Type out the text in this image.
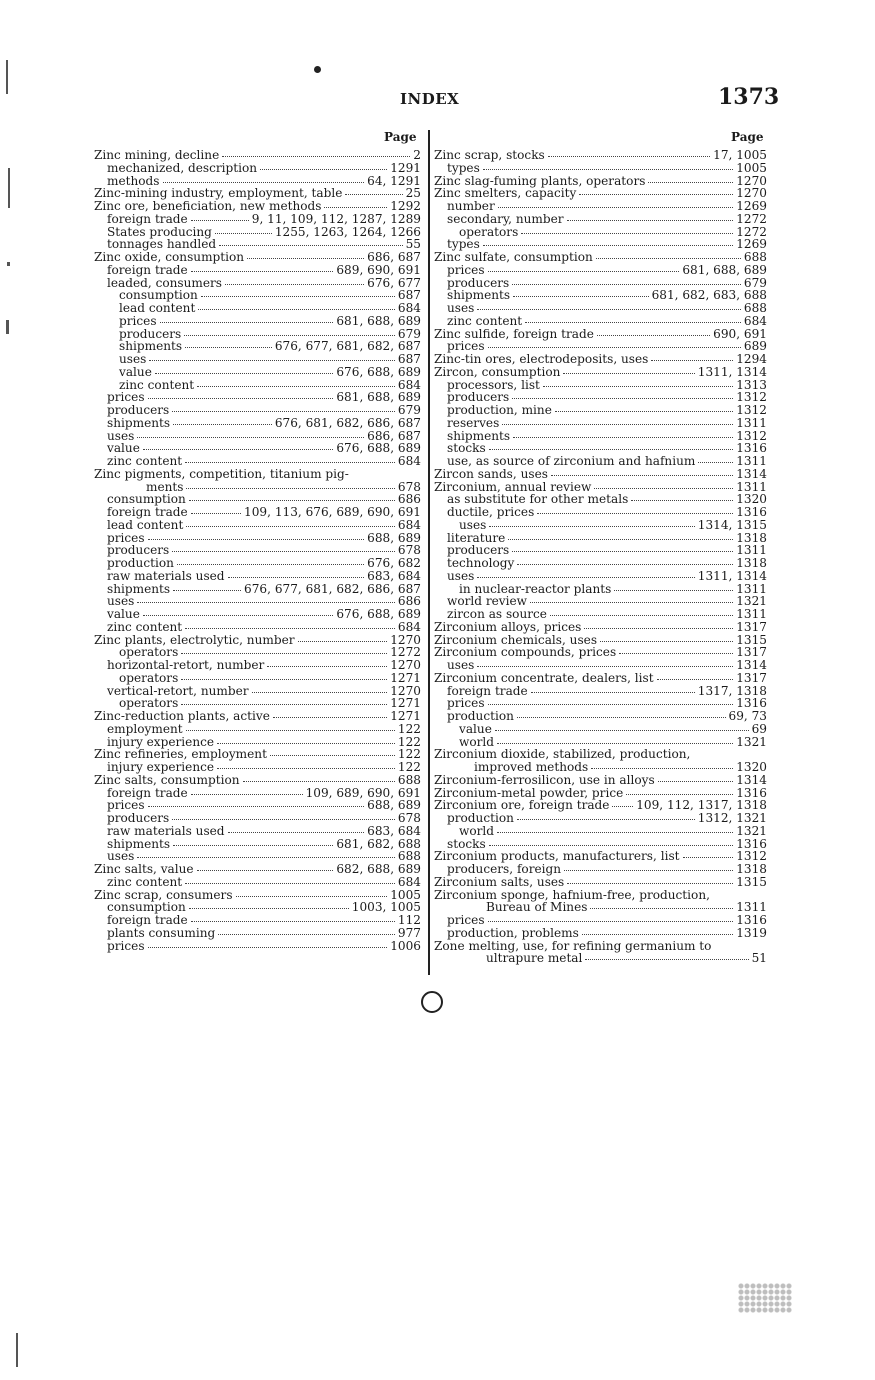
INDEX	1373
Page	Page
Zinc mining, decline	2
mechanized, description	1291
methods	64, 1291
Zinc-mining industry, employment, table	25
Zinc ore, beneficiation, new methods	1292
foreign trade	9, 11, 109, 112, 1287, 1289
States producing	1255, 1263, 1264, 1266
tonnages handled	55
Zinc oxide, consumption	686, 687
foreign trade	689, 690, 691
leaded, consumers	676, 677
consumption	687
lead content	684
prices	681, 688, 689
producers	679
shipments	676, 677, 681, 682, 687
uses	687
value	676, 688, 689
zinc content	684
prices	681, 688, 689
producers	679
shipments	676, 681, 682, 686, 687
uses	686, 687
value	676, 688, 689
zinc content	684
Zinc pigments, competition, titanium pig-
ments	678
consumption	686
foreign trade	109, 113, 676, 689, 690, 691
lead content	684
prices	688, 689
producers	678
production	676, 682
raw materials used	683, 684
shipments	676, 677, 681, 682, 686, 687
uses	686
value	676, 688, 689
zinc content	684
Zinc plants, electrolytic, number	1270
operators	1272
horizontal-retort, number	1270
operators	1271
vertical-retort, number	1270
operators	1271
Zinc-reduction plants, active	1271
employment	122
injury experience	122
Zinc refineries, employment	122
injury experience	122
Zinc salts, consumption	688
foreign trade	109, 689, 690, 691
prices	688, 689
producers	678
raw materials used	683, 684
shipments	681, 682, 688
uses	688
Zinc salts, value	682, 688, 689
zinc content	684
Zinc scrap, consumers	1005
consumption	1003, 1005
foreign trade	112
plants consuming	977
prices	1006
Zinc scrap, stocks	17, 1005
types	1005
Zinc slag-fuming plants, operators	1270
Zinc smelters, capacity	1270
number	1269
secondary, number	1272
operators	1272
types	1269
Zinc sulfate, consumption	688
prices	681, 688, 689
producers	679
shipments	681, 682, 683, 688
uses	688
zinc content	684
Zinc sulfide, foreign trade	690, 691
prices	689
Zinc-tin ores, electrodeposits, uses	1294
Zircon, consumption	1311, 1314
processors, list	1313
producers	1312
production, mine	1312
reserves	1311
shipments	1312
stocks	1316
use, as source of zirconium and hafnium	1311
Zircon sands, uses	1314
Zirconium, annual review	1311
as substitute for other metals	1320
ductile, prices	1316
uses	1314, 1315
literature	1318
producers	1311
technology	1318
uses	1311, 1314
in nuclear-reactor plants	1311
world review	1321
zircon as source	1311
Zirconium alloys, prices	1317
Zirconium chemicals, uses	1315
Zirconium compounds, prices	1317
uses	1314
Zirconium concentrate, dealers, list	1317
foreign trade	1317, 1318
prices	1316
production	69, 73
value	69
world	1321
Zirconium dioxide, stabilized, production,
improved methods	1320
Zirconium-ferrosilicon, use in alloys	1314
Zirconium-metal powder, price	1316
Zirconium ore, foreign trade 109, 112, 1317, 1318
production	1312, 1321
world	1321
stocks	1316
Zirconium products, manufacturers, list	1312
producers, foreign	1318
Zirconium salts, uses	1315
Zirconium sponge, hafnium-free, production,
Bureau of Mines	1311
prices	1316
production, problems	1319
Zone melting, use, for refining germanium to
ultrapure metal	51
